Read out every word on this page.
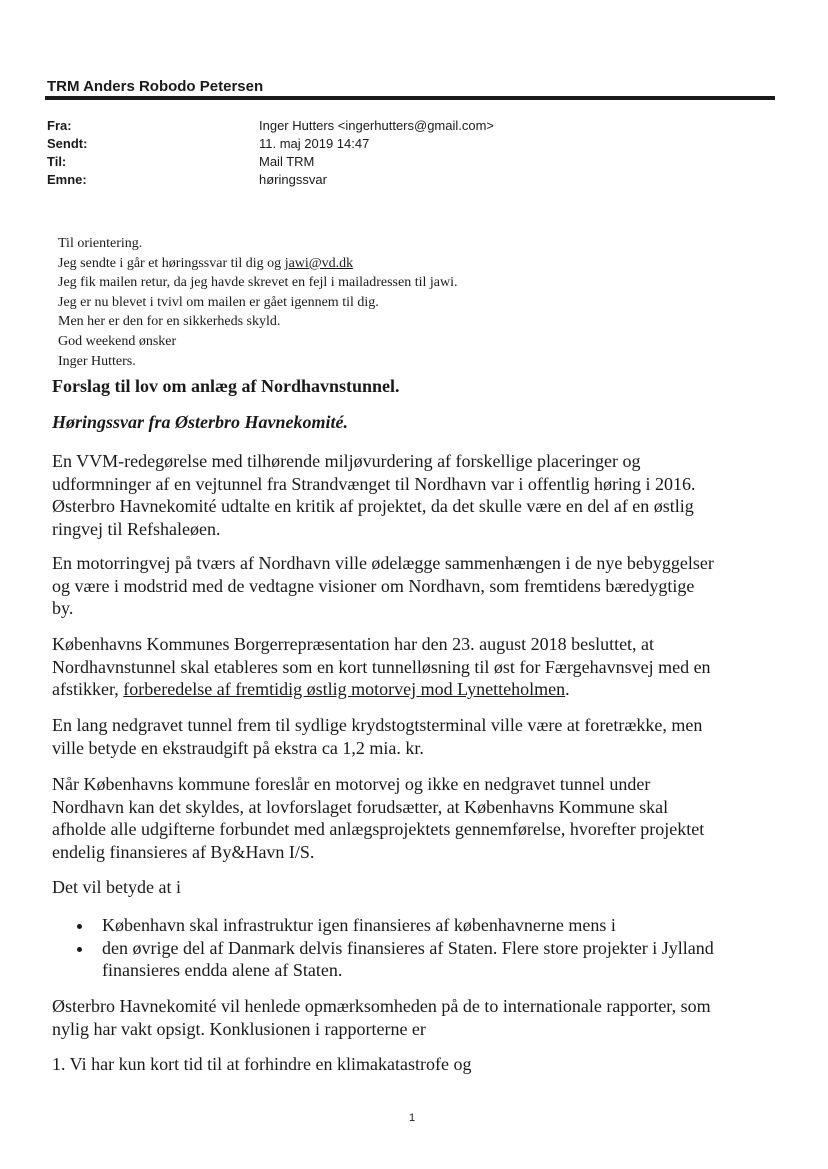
TRM Anders Robodo Petersen
Fra:	Inger Hutters <ingerhutters@gmail.com>
Sendt:	11. maj 2019 14:47
Til:	Mail TRM
Emne:	høringssvar
Til orientering.
Jeg sendte i går et høringssvar til dig og jawi@vd.dk
Jeg fik mailen retur, da jeg havde skrevet en fejl i mailadressen til jawi.
Jeg er nu blevet i tvivl om mailen er gået igennem til dig.
Men her er den for en sikkerheds skyld.
God weekend ønsker
Inger Hutters.
Forslag til lov om anlæg af Nordhavnstunnel.
Høringssvar fra Østerbro Havnekomité.
En VVM-redegørelse med tilhørende miljøvurdering af forskellige placeringer og
udformninger af en vejtunnel fra Strandvænget til Nordhavn var i offentlig høring i 2016.
Østerbro Havnekomité udtalte en kritik af projektet, da det skulle være en del af en østlig
ringvej til Refshaleøen.
En motorringvej på tværs af Nordhavn ville ødelægge sammenhængen i de nye bebyggelser
og være i modstrid med de vedtagne visioner om Nordhavn, som fremtidens bæredygtige
by.
Københavns Kommunes Borgerrepræsentation har den 23. august 2018 besluttet, at
Nordhavnstunnel skal etableres som en kort tunnelløsning til øst for Færgehavnsvej med en
afstikker, forberedelse af fremtidig østlig motorvej mod Lynetteholmen.
En lang nedgravet tunnel frem til sydlige krydstogtsterminal ville være at foretrække, men
ville betyde en ekstraudgift på ekstra ca 1,2 mia. kr.
Når Københavns kommune foreslår en motorvej og ikke en nedgravet tunnel under
Nordhavn kan det skyldes, at lovforslaget forudsætter, at Københavns Kommune skal
afholde alle udgifterne forbundet med anlægsprojektets gennemførelse, hvorefter projektet
endelig finansieres af By&Havn I/S.
Det vil betyde at i
København skal infrastruktur igen finansieres af københavnerne mens i
den øvrige del af Danmark delvis finansieres af Staten. Flere store projekter i Jylland
finansieres endda alene af Staten.
Østerbro Havnekomité vil henlede opmærksomheden på de to internationale rapporter, som
nylig har vakt opsigt. Konklusionen i rapporterne er
1. Vi har kun kort tid til at forhindre en klimakatastrofe og
1
